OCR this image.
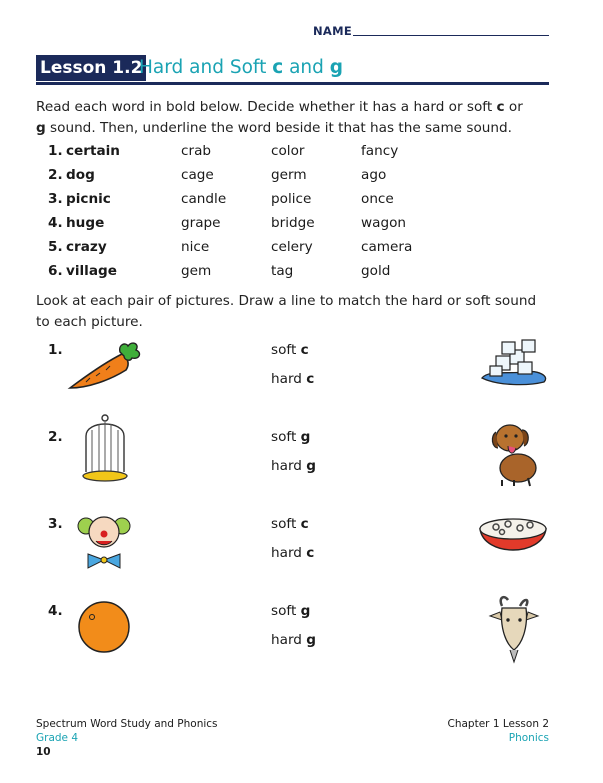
NAME
Lesson 1.2
Hard and Soft c and g
Read each word in bold below. Decide whether it has a hard or soft c or
g sound. Then, underline the word beside it that has the same sound.
1. certain	crab	color	fancy
2. dog	cage	germ	ago
3. picnic	candle	police	once
4. huge	grape	bridge	wagon
5. crazy	nice	celery	camera
6. village	gem	tag	gold
Look at each pair of pictures. Draw a line to match the hard or soft sound
to each picture.
1.	soft c
hard c
2.	soft g
hard g
3.	soft c
hard c
4.	soft g
hard g
Spectrum Word Study and Phonics
Grade 4
10
Chapter 1 Lesson 2
Phonics
